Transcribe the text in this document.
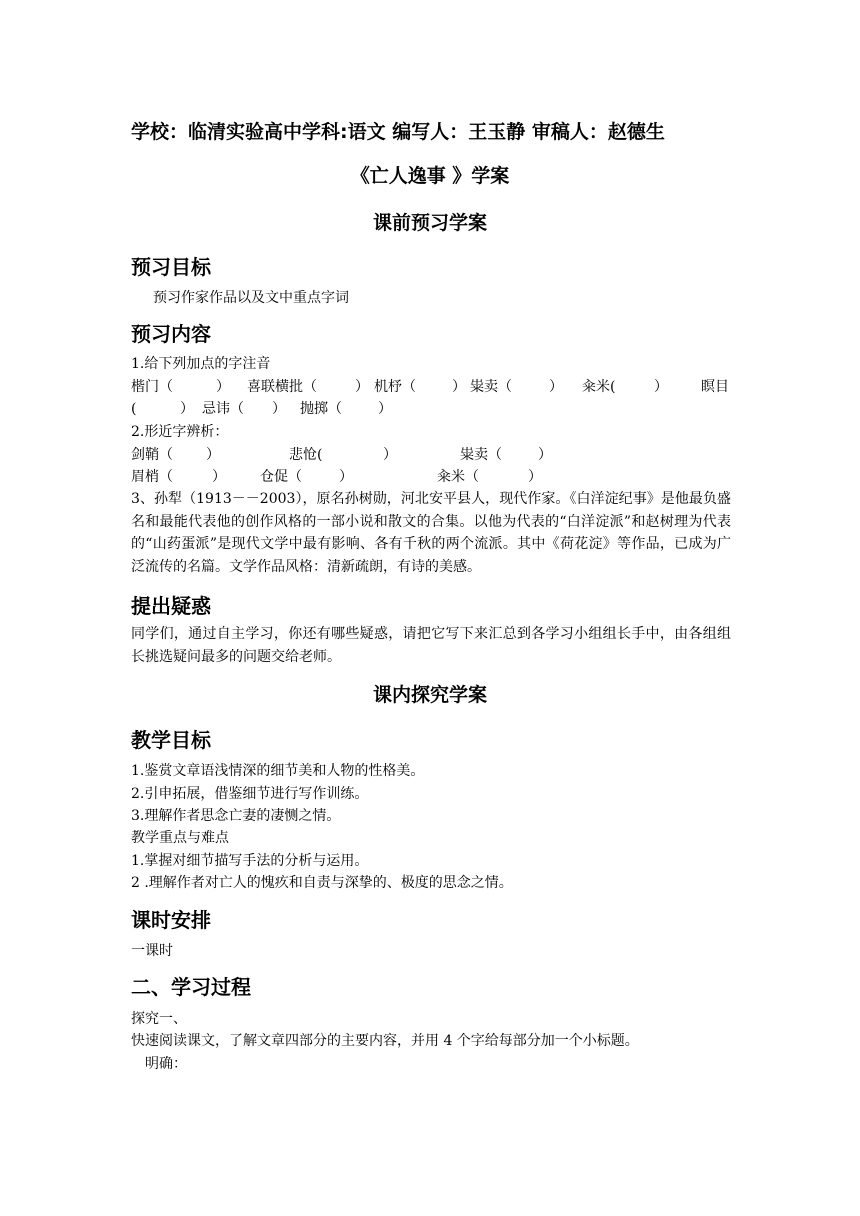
学校：临清实验高中学科:语文 编写人：王玉静 审稿人：赵德生
《亡人逸事 》学案
课前预习学案
预习目标
预习作家作品以及文中重点字词
预习内容
1.给下列加点的字注音
楷门（	） 喜联横批（	） 机杼（	） 粜卖（	） 籴米(	） 瞑目
(	） 忌讳（ ） 抛掷（	）
2.形近字辨析：
剑鞘（ ）	悲怆(	）	粜卖（	）
眉梢（	） 仓促（	）	籴米（	）
3、孙犁（1913－－2003），原名孙树勋，河北安平县人，现代作家。《白洋淀纪事》是他最负盛名和最能代表他的创作风格的一部小说和散文的合集。以他为代表的“白洋淀派”和赵树理为代表的“山药蛋派”是现代文学中最有影响、各有千秋的两个流派。其中《荷花淀》等作品，已成为广泛流传的名篇。文学作品风格：清新疏朗，有诗的美感。
提出疑惑
同学们，通过自主学习，你还有哪些疑惑，请把它写下来汇总到各学习小组组长手中，由各组组长挑选疑问最多的问题交给老师。
课内探究学案
教学目标
1.鉴赏文章语浅情深的细节美和人物的性格美。
2.引申拓展，借鉴细节进行写作训练。
3.理解作者思念亡妻的凄恻之情。
教学重点与难点
1.掌握对细节描写手法的分析与运用。
2 .理解作者对亡人的愧疚和自责与深挚的、极度的思念之情。
课时安排
一课时
二、学习过程
探究一、
快速阅读课文，了解文章四部分的主要内容，并用 4 个字给每部分加一个小标题。
明确：
